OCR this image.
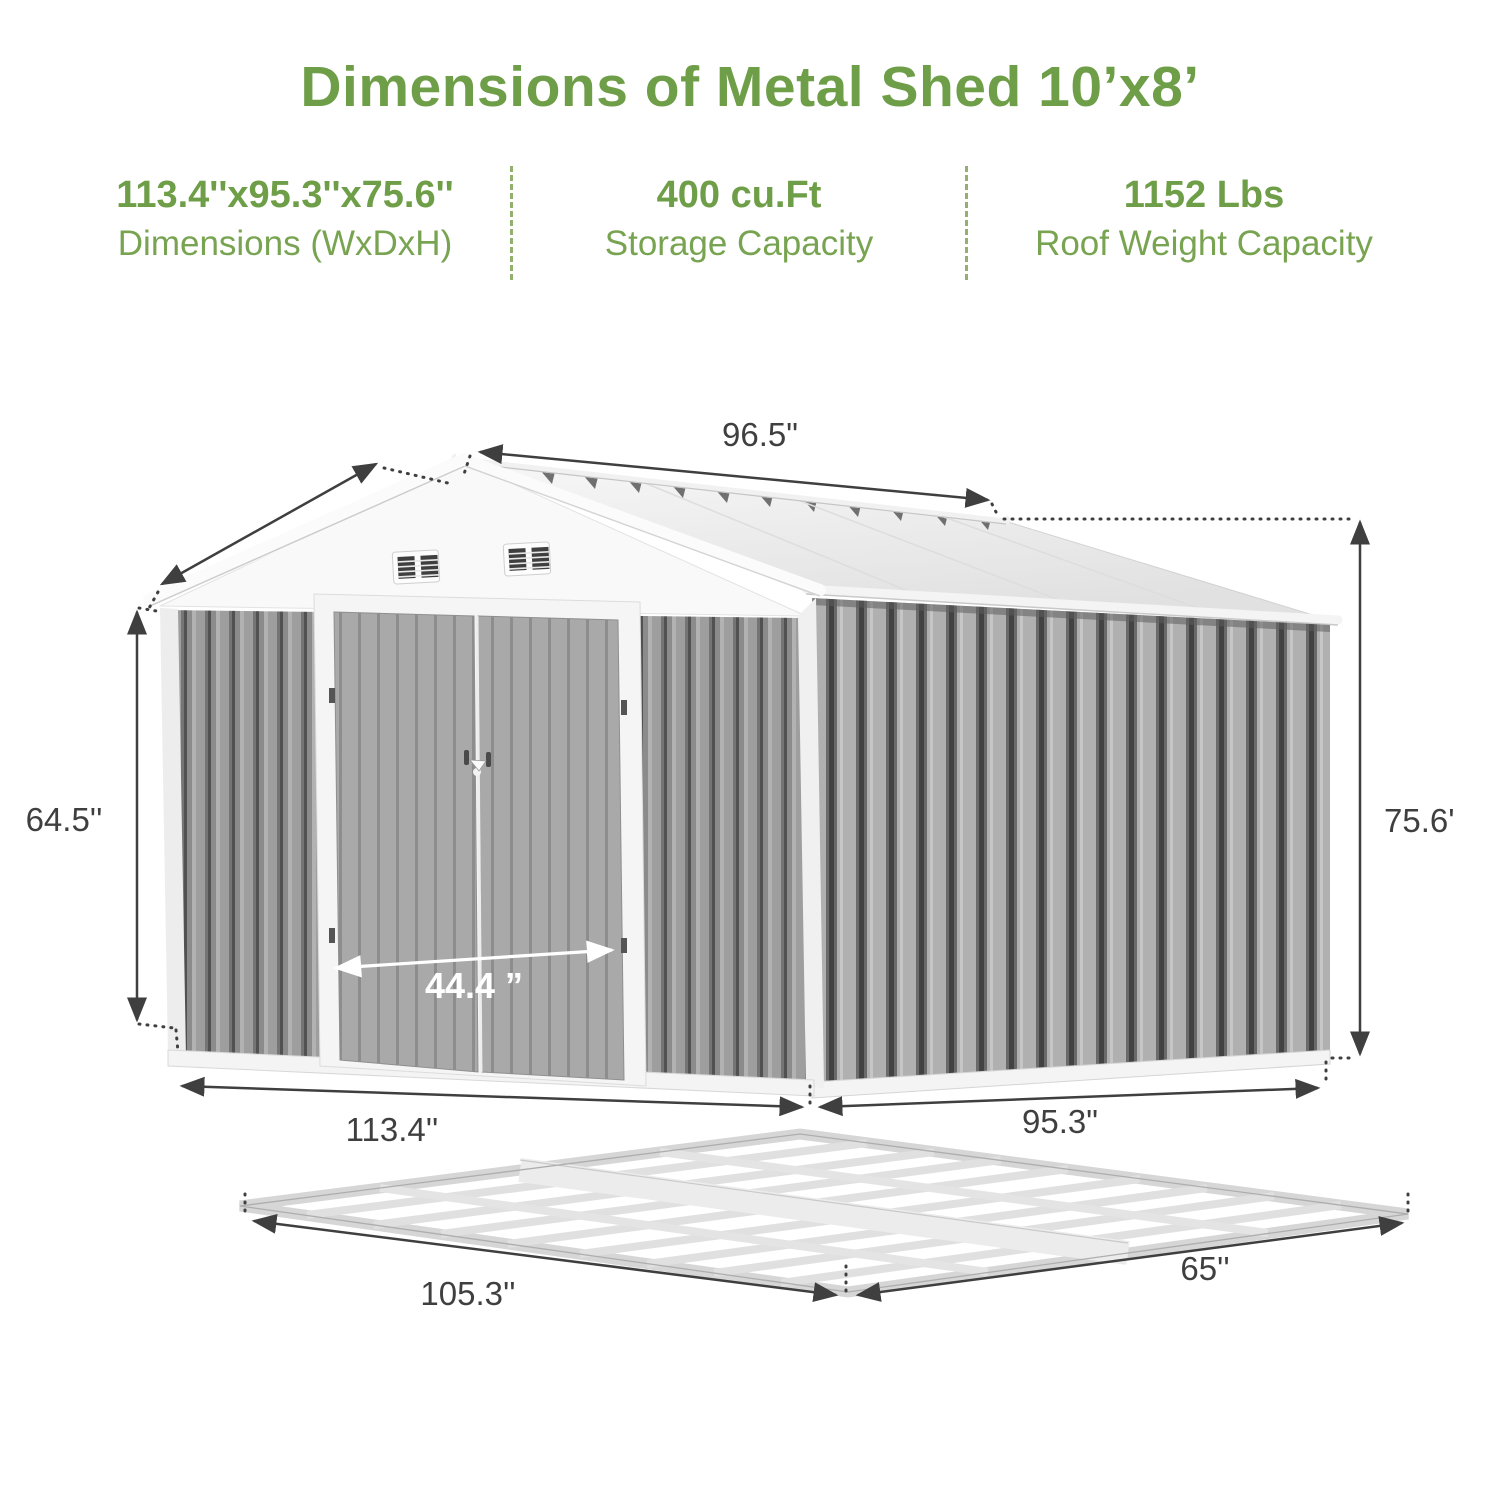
Dimensions of Metal Shed 10’x8’
113.4''x95.3''x75.6''
Dimensions (WxDxH)
400 cu.Ft
Storage Capacity
1152 Lbs
Roof Weight Capacity
96.5"
64.5''	75.6'
44.4 ”
113.4''	95.3"
105.3''
65''
